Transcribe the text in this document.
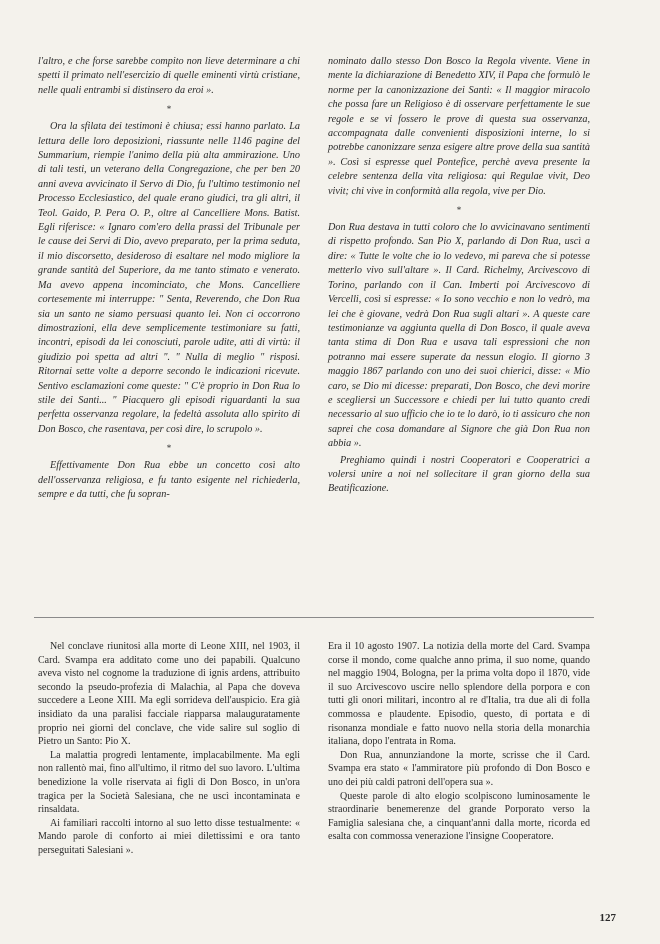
l'altro, e che forse sarebbe compito non lieve determinare a chi spetti il primato nell'esercizio di quelle eminenti virtù cristiane, nelle quali entrambi si distinsero da eroi ».

*

Ora la sfilata dei testimoni è chiusa; essi hanno parlato. La lettura delle loro deposizioni, riassunte nelle 1146 pagine del Summarium, riempie l'animo della più alta ammirazione. Uno di tali testi, un veterano della Congregazione, che per ben 20 anni aveva avvicinato il Servo di Dio, fu l'ultimo testimonio nel Processo Ecclesiastico, del quale erano giudici, tra gli altri, il Teol. Gaido, P. Pera O. P., oltre al Cancelliere Mons. Batist. Egli riferisce: « Ignaro com'ero della prassi del Tribunale per le cause dei Servi di Dio, avevo preparato, per la prima seduta, il mio discorsetto, desideroso di esaltare nel modo migliore la grande santità del Superiore, da me tanto stimato e venerato. Ma avevo appena incominciato, che Mons. Cancelliere cortesemente mi interruppe: " Senta, Reverendo, che Don Rua sia un santo ne siamo persuasi quanto lei. Non ci occorrono dimostrazioni, ella deve semplicemente testimoniare su fatti, incontri, episodi da lei conosciuti, parole udite, atti di virtù: il giudizio poi spetta ad altri ". " Nulla di meglio " risposi. Ritornai sette volte a deporre secondo le indicazioni ricevute. Sentivo esclamazioni come queste: " C'è proprio in Don Rua lo stile dei Santi... " Piacquero gli episodi riguardanti la sua perfetta osservanza regolare, la fedeltà assoluta allo spirito di Don Bosco, che rasentava, per così dire, lo scrupolo ».

*

Effettivamente Don Rua ebbe un concetto così alto dell'osservanza religiosa, e fu tanto esigente nel richiederla, sempre e da tutti, che fu sopran-

nominato dallo stesso Don Bosco la Regola vivente. Viene in mente la dichiarazione di Benedetto XIV, il Papa che formulò le norme per la canonizzazione dei Santi: « Il maggior miracolo che possa fare un Religioso è di osservare perfettamente le sue regole e se vi fossero le prove di questa sua osservanza, accompagnata dalle convenienti disposizioni interne, lo si potrebbe canonizzare senza esigere altre prove della sua santità ». Così si espresse quel Pontefice, perchè aveva presente la celebre sentenza della vita religiosa: qui Regulae vivit, Deo vivit; chi vive in conformità alla regola, vive per Dio.

*

Don Rua destava in tutti coloro che lo avvicinavano sentimenti di rispetto profondo. San Pio X, parlando di Don Rua, uscì a dire: « Tutte le volte che io lo vedevo, mi pareva che si potesse metterlo vivo sull'altare ». Il Card. Richelmy, Arcivescovo di Torino, parlando con il Can. Imberti poi Arcivescovo di Vercelli, così si espresse: « Io sono vecchio e non lo vedrò, ma lei che è giovane, vedrà Don Rua sugli altari ». A queste care testimonianze va aggiunta quella di Don Bosco, il quale aveva tanta stima di Don Rua e usava tali espressioni che non potranno mai essere superate da nessun elogio. Il giorno 3 maggio 1867 parlando con uno dei suoi chierici, disse: « Mio caro, se Dio mi dicesse: preparati, Don Bosco, che devi morire e scegliersi un Successore e chiedi per lui tutto quanto credi necessario al suo ufficio che io te lo darò, io ti assicuro che non saprei che cosa domandare al Signore che già Don Rua non abbia ».

Preghiamo quindi i nostri Cooperatori e Cooperatrici a volersi unire a noi nel sollecitare il gran giorno della sua Beatificazione.

Nel conclave riunitosi alla morte di Leone XIII, nel 1903, il Card. Svampa era additato come uno dei papabili. Qualcuno aveva visto nel cognome la traduzione di ignis ardens, attribuito secondo la pseudo-profezia di Malachia, al Papa che doveva succedere a Leone XIII. Ma egli sorrideva dell'auspicio. Era già insidiato da una paralisi facciale riapparsa malauguratamente proprio nei giorni del conclave, che vide salire sul soglio di Pietro un Santo: Pio X.

La malattia progredì lentamente, implacabilmente. Ma egli non rallentò mai, fino all'ultimo, il ritmo del suo lavoro. L'ultima benedizione la volle riservata ai figli di Don Bosco, in un'ora tragica per la Società Salesiana, che ne uscì incontaminata e rinsaldata.

Ai familiari raccolti intorno al suo letto disse testualmente: « Mando parole di conforto ai miei dilettissimi e ora tanto perseguitati Salesiani ».

Era il 10 agosto 1907. La notizia della morte del Card. Svampa corse il mondo, come qualche anno prima, il suo nome, quando nel maggio 1904, Bologna, per la prima volta dopo il 1870, vide il suo Arcivescovo uscire nello splendore della porpora e con tutti gli onori militari, incontro al re d'Italia, tra due ali di folla commossa e plaudente. Episodio, questo, di portata e di risonanza mondiale e fatto nuovo nella storia della monarchia italiana, dopo l'entrata in Roma.

Don Rua, annunziandone la morte, scrisse che il Card. Svampa era stato « l'ammiratore più profondo di Don Bosco e uno dei più caldi patroni dell'opera sua ».

Queste parole di alto elogio scolpiscono luminosamente le straordinarie benemerenze del grande Porporato verso la Famiglia salesiana che, a cinquant'anni dalla morte, ricorda ed esalta con commossa venerazione l'insigne Cooperatore.

127
